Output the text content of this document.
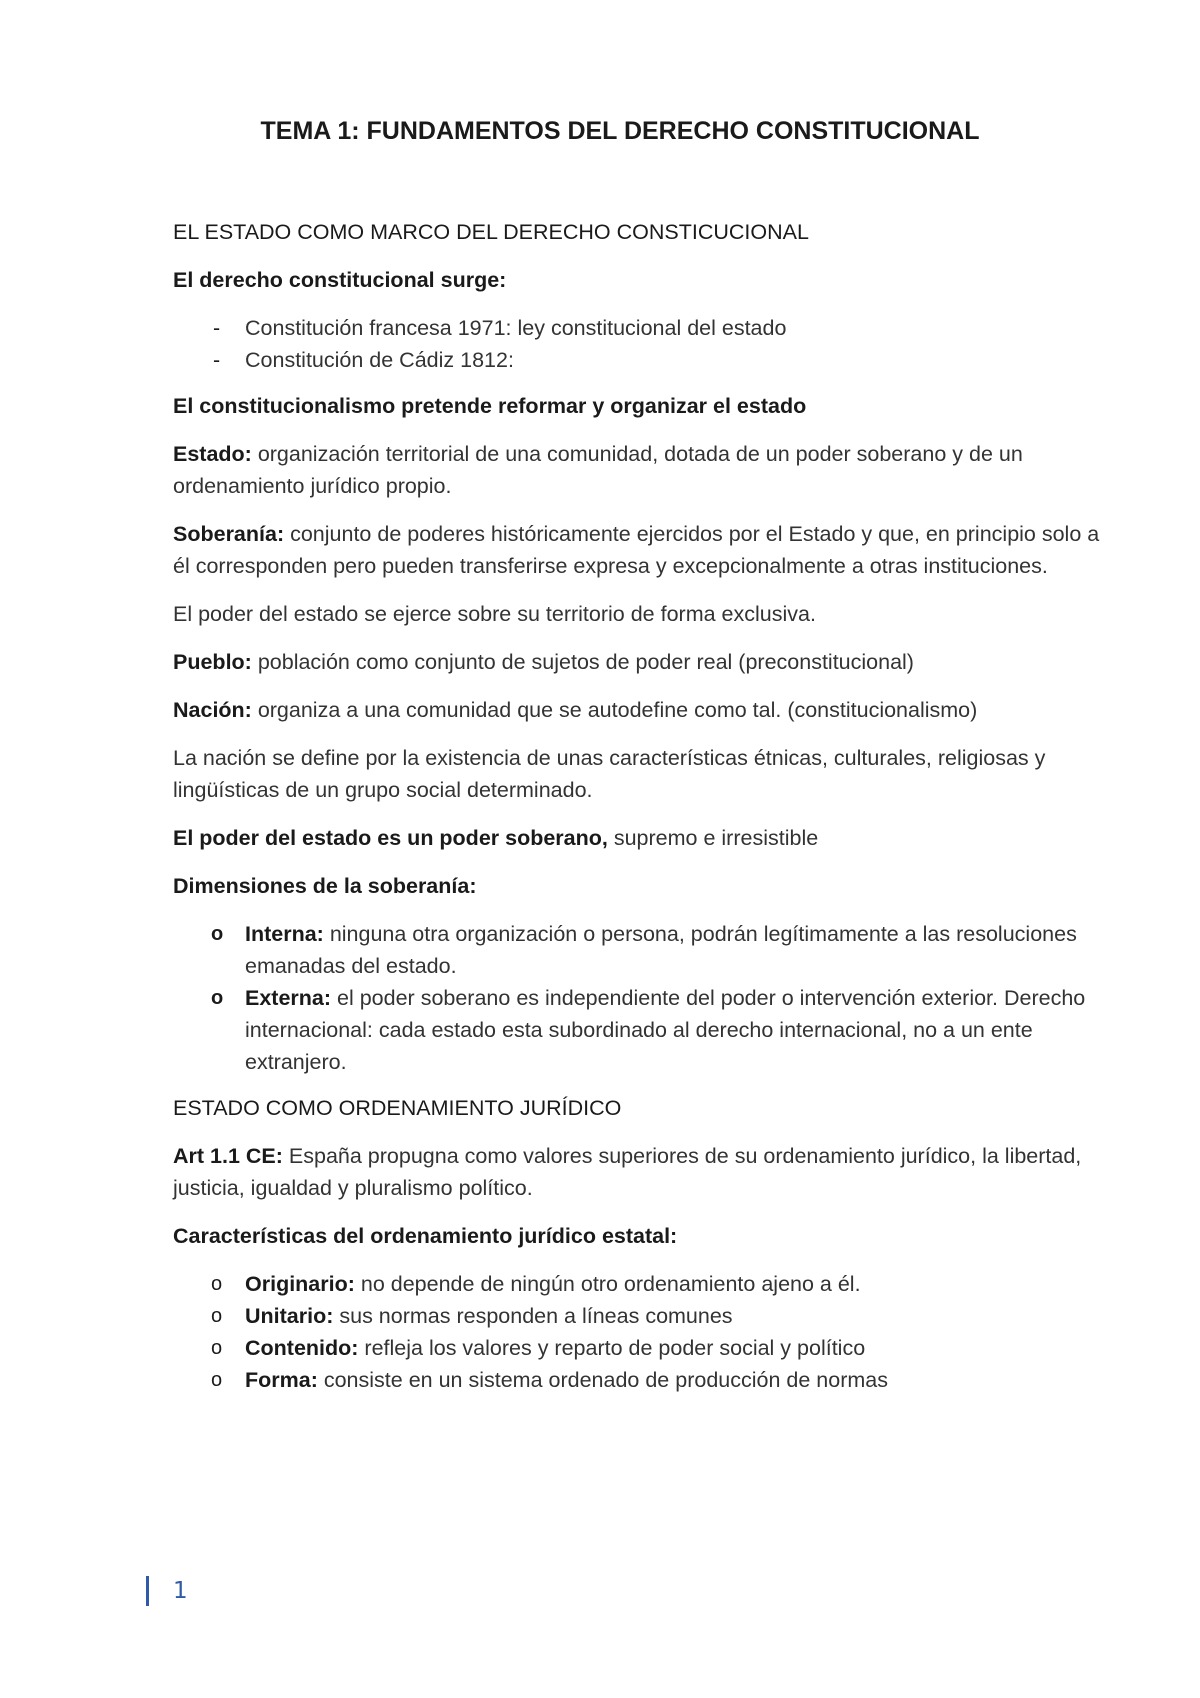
TEMA 1: FUNDAMENTOS DEL DERECHO CONSTITUCIONAL

EL ESTADO COMO MARCO DEL DERECHO CONSTICUCIONAL

El derecho constitucional surge:

- Constitución francesa 1971: ley constitucional del estado
- Constitución de Cádiz 1812:

El constitucionalismo pretende reformar y organizar el estado

Estado: organización territorial de una comunidad, dotada de un poder soberano y de un ordenamiento jurídico propio.

Soberanía: conjunto de poderes históricamente ejercidos por el Estado y que, en principio solo a él corresponden pero pueden transferirse expresa y excepcionalmente a otras instituciones.

El poder del estado se ejerce sobre su territorio de forma exclusiva.

Pueblo: población como conjunto de sujetos de poder real (preconstitucional)

Nación: organiza a una comunidad que se autodefine como tal. (constitucionalismo)

La nación se define por la existencia de unas características étnicas, culturales, religiosas y lingüísticas de un grupo social determinado.

El poder del estado es un poder soberano, supremo e irresistible

Dimensiones de la soberanía:

o Interna: ninguna otra organización o persona, podrán legítimamente a las resoluciones emanadas del estado.
o Externa: el poder soberano es independiente del poder o intervención exterior. Derecho internacional: cada estado esta subordinado al derecho internacional, no a un ente extranjero.

ESTADO COMO ORDENAMIENTO JURÍDICO

Art 1.1 CE: España propugna como valores superiores de su ordenamiento jurídico, la libertad, justicia, igualdad y pluralismo político.

Características del ordenamiento jurídico estatal:

o Originario: no depende de ningún otro ordenamiento ajeno a él.
o Unitario: sus normas responden a líneas comunes
o Contenido: refleja los valores y reparto de poder social y político
o Forma: consiste en un sistema ordenado de producción de normas
1
